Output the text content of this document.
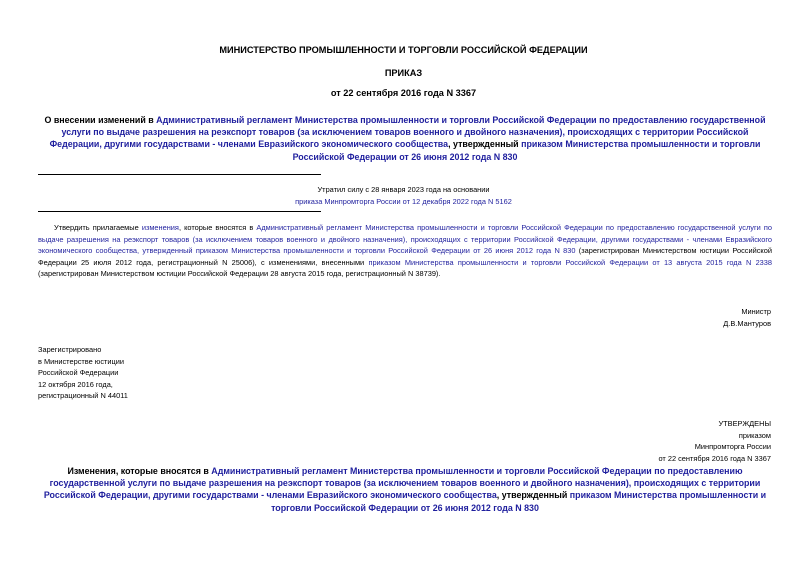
МИНИСТЕРСТВО ПРОМЫШЛЕННОСТИ И ТОРГОВЛИ РОССИЙСКОЙ ФЕДЕРАЦИИ
ПРИКАЗ
от 22 сентября 2016 года N 3367
О внесении изменений в Административный регламент Министерства промышленности и торговли Российской Федерации по предоставлению государственной услуги по выдаче разрешения на реэкспорт товаров (за исключением товаров военного и двойного назначения), происходящих с территории Российской Федерации, другими государствами - членами Евразийского экономического сообщества, утвержденный приказом Министерства промышленности и торговли Российской Федерации от 26 июня 2012 года N 830
Утратил силу с 28 января 2023 года на основании
приказа Минпромторга России от 12 декабря 2022 года N 5162
Утвердить прилагаемые изменения, которые вносятся в Административный регламент Министерства промышленности и торговли Российской Федерации по предоставлению государственной услуги по выдаче разрешения на реэкспорт товаров (за исключением товаров военного и двойного назначения), происходящих с территории Российской Федерации, другими государствами - членами Евразийского экономического сообщества, утвержденный приказом Министерства промышленности и торговли Российской Федерации от 26 июня 2012 года N 830 (зарегистрирован Министерством юстиции Российской Федерации 25 июля 2012 года, регистрационный N 25006), с изменениями, внесенными приказом Министерства промышленности и торговли Российской Федерации от 13 августа 2015 года N 2338 (зарегистрирован Министерством юстиции Российской Федерации 28 августа 2015 года, регистрационный N 38739).
Министр
Д.В.Мантуров
Зарегистрировано
в Министерстве юстиции
Российской Федерации
12 октября 2016 года,
регистрационный N 44011
УТВЕРЖДЕНЫ
приказом
Минпромторга России
от 22 сентября 2016 года N 3367
Изменения, которые вносятся в Административный регламент Министерства промышленности и торговли Российской Федерации по предоставлению государственной услуги по выдаче разрешения на реэкспорт товаров (за исключением товаров военного и двойного назначения), происходящих с территории Российской Федерации, другими государствами - членами Евразийского экономического сообщества, утвержденный приказом Министерства промышленности и торговли Российской Федерации от 26 июня 2012 года N 830
